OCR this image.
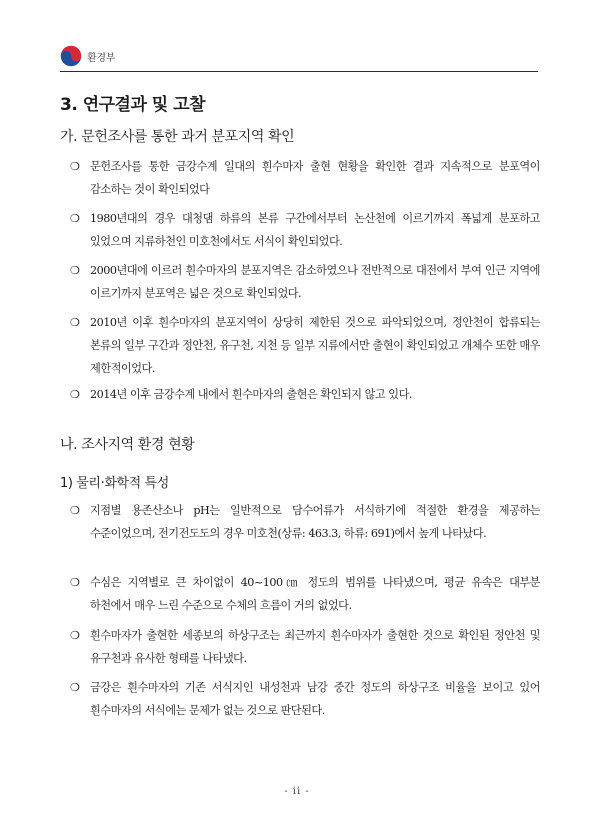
환경부
3. 연구결과 및 고찰
가. 문헌조사를 통한 과거 분포지역 확인
❍ 문헌조사를 통한 금강수계 일대의 흰수마자 출현 현황을 확인한 결과 지속적으로 분포역이 감소하는 것이 확인되었다
❍ 1980년대의 경우 대청댐 하류의 본류 구간에서부터 논산천에 이르기까지 폭넓게 분포하고 있었으며 지류하천인 미호천에서도 서식이 확인되었다.
❍ 2000년대에 이르러 흰수마자의 분포지역은 감소하였으나 전반적으로 대전에서 부여 인근 지역에 이르기까지 분포역은 넓은 것으로 확인되었다.
❍ 2010년 이후 흰수마자의 분포지역이 상당히 제한된 것으로 파악되었으며, 정안천이 합류되는 본류의 일부 구간과 정안천, 유구천, 지천 등 일부 지류에서만 출현이 확인되었고 개체수 또한 매우 제한적이었다.
❍ 2014년 이후 금강수계 내에서 흰수마자의 출현은 확인되지 않고 있다.
나. 조사지역 환경 현황
1) 물리·화학적 특성
❍ 지점별 용존산소나 pH는 일반적으로 담수어류가 서식하기에 적절한 환경을 제공하는 수준이었으며, 전기전도도의 경우 미호천(상류: 463.3, 하류: 691)에서 높게 나타났다.
❍ 수심은 지역별로 큰 차이없이 40~100㎝ 정도의 범위를 나타냈으며, 평균 유속은 대부분 하천에서 매우 느린 수준으로 수체의 흐름이 거의 없었다.
❍ 흰수마자가 출현한 세종보의 하상구조는 최근까지 흰수마자가 출현한 것으로 확인된 정안천 및 유구천과 유사한 형태를 나타냈다.
❍ 금강은 흰수마자의 기존 서식지인 내성천과 남강 중간 정도의 하상구조 비율을 보이고 있어 흰수마자의 서식에는 문제가 없는 것으로 판단된다.
- ii -
